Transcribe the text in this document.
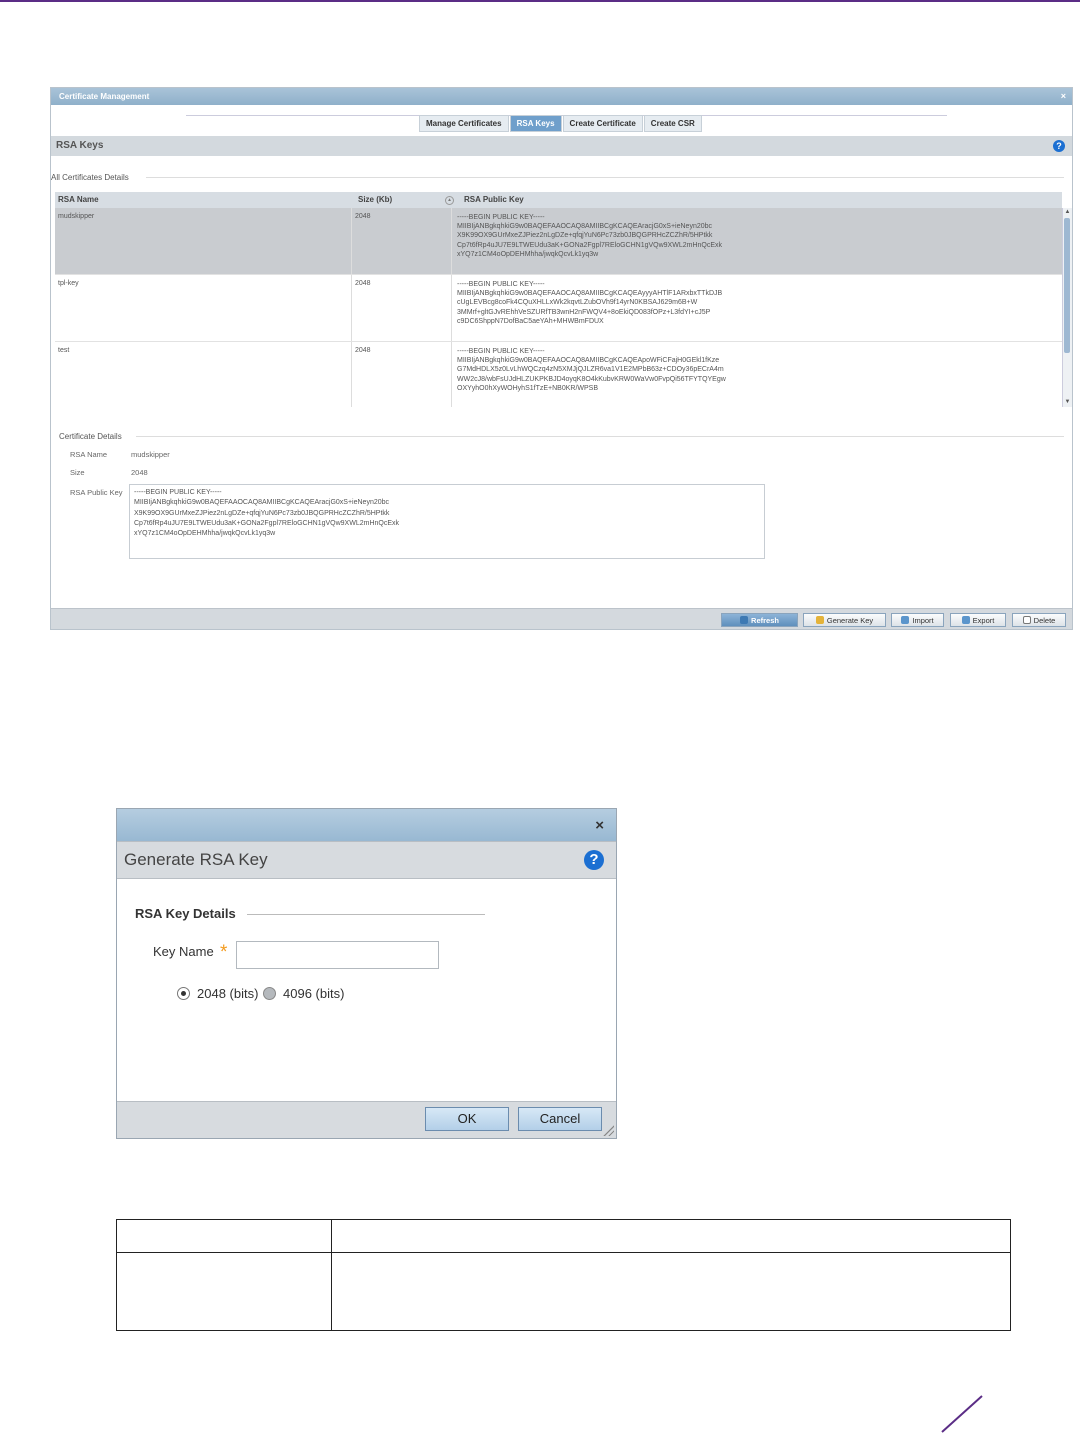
Certificate Management	×
Manage Certificates	RSA Keys	Create Certificate	Create CSR
RSA Keys	?
All Certificates Details
RSA Name	Size (Kb)	▴	RSA Public Key
mudskipper	2048	-----BEGIN PUBLIC KEY-----
MIIBIjANBgkqhkiG9w0BAQEFAAOCAQ8AMIIBCgKCAQEAracjG0xS+ieNeyn20bc
X9K99OX9GUrMxeZJPiez2nLgDZe+qfqjYuN6Pc73zb0JBQGPRHcZCZhR/5HPtkk
Cp7t6fRp4uJU7E9LTWEUdu3aK+GONa2Fgpl7REloGCHN1gVQw9XWL2mHnQcExk
xYQ7z1CM4oOpDEHMhha/jwqkQcvLk1yq3w
tpl-key	2048	-----BEGIN PUBLIC KEY-----
MIIBIjANBgkqhkiG9w0BAQEFAAOCAQ8AMIIBCgKCAQEAyyyAHTlF1ARxbxTTkDJB
cUgLEVBcg8coFk4CQuXHLLxWk2kqvtLZubOVh9f14yrN0KBSAJ629m6B+W
3MMrf+gltGJvREhhVeSZURfTB3wnH2nFWQV4+8oEkiQD083fOPz+L3fdYI+cJ5P
c9DC6ShppN7DofBaC5aeYAh+MHWBmFDUX
test	2048	-----BEGIN PUBLIC KEY-----
MIIBIjANBgkqhkiG9w0BAQEFAAOCAQ8AMIIBCgKCAQEApoWFiCFajH0GEkl1fKze
G7MdHDLX5z0LvLhWQCzq4zN5XMJjQJLZR6va1V1E2MPbB63z+CDOy36pECrA4m
WW2cJ8/wbFsUJdHLZUKPKBJD4oyqK8O4kKubvKRW0WaVw0FvpQi56TFYTQYEgw
OXYyhO0hXyWOHyhS1fTzE+NB0KR/WPSB
▲
▼
Certificate Details
RSA Name	mudskipper
Size	2048
RSA Public Key	-----BEGIN PUBLIC KEY-----
MIIBIjANBgkqhkiG9w0BAQEFAAOCAQ8AMIIBCgKCAQEAracjG0xS+ieNeyn20bc
X9K99OX9GUrMxeZJPiez2nLgDZe+qfqjYuN6Pc73zb0JBQGPRHcZCZhR/5HPtkk
Cp7t6fRp4uJU7E9LTWEUdu3aK+GONa2Fgpl7REloGCHN1gVQw9XWL2mHnQcExk
xYQ7z1CM4oOpDEHMhha/jwqkQcvLk1yq3w
Refresh	Generate Key	Import	Export	Delete
×
Generate RSA Key	?
RSA Key Details
Key Name *
2048 (bits) 4096 (bits)
OK	Cancel
